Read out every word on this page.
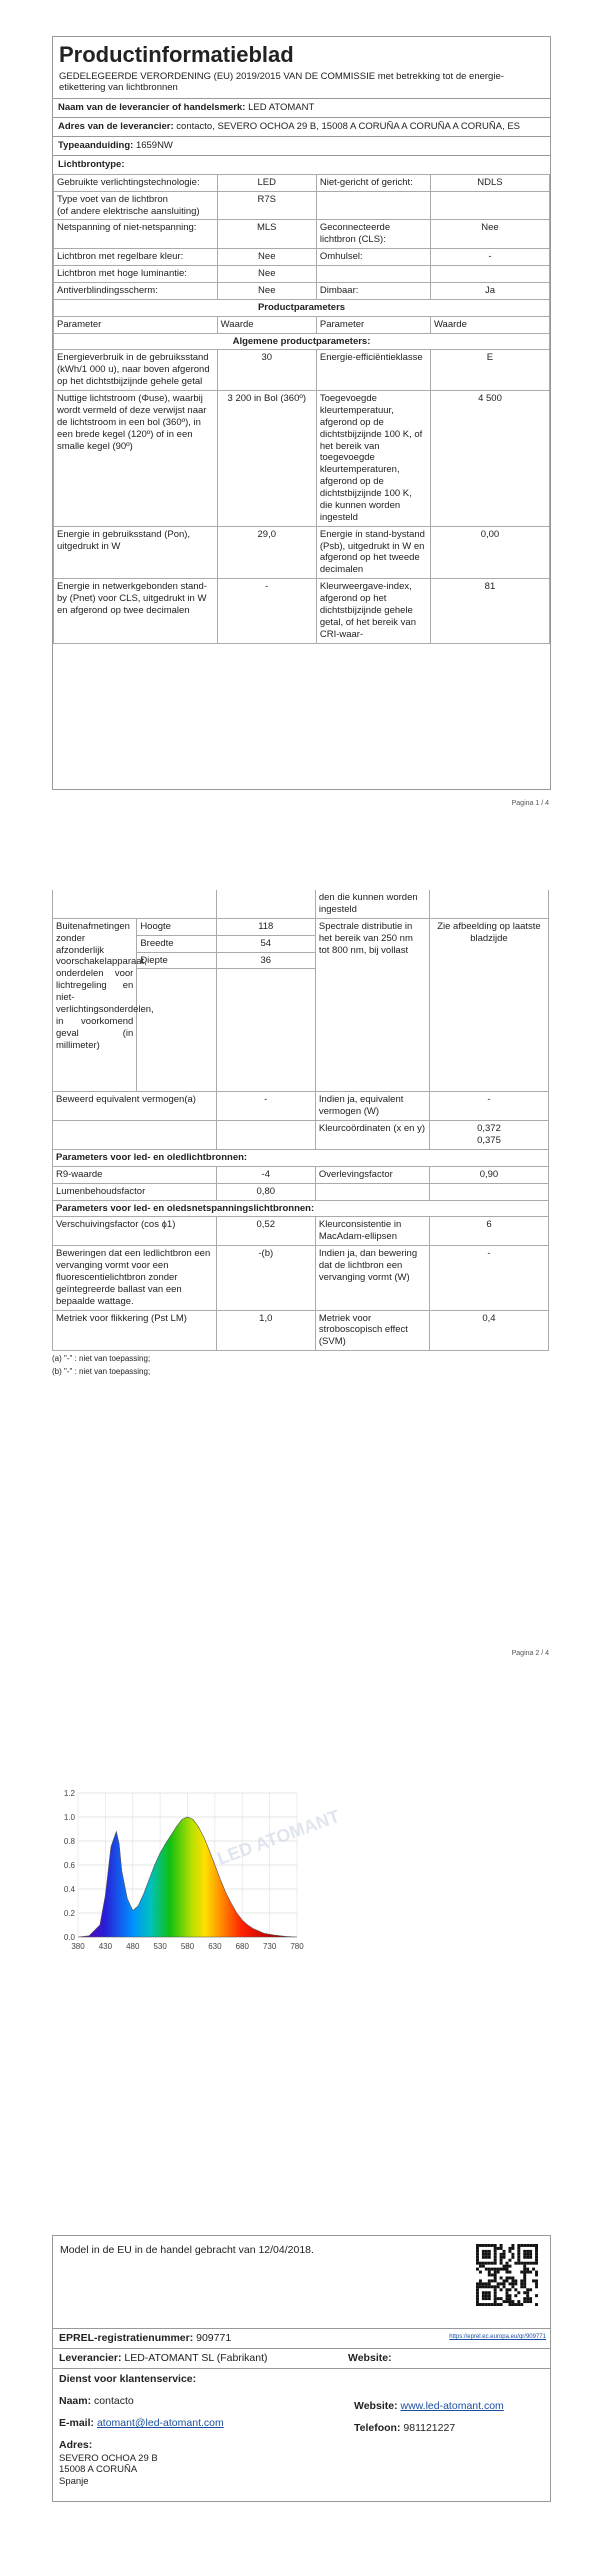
Productinformatieblad
GEDELEGEERDE VERORDENING (EU) 2019/2015 VAN DE COMMISSIE met betrekking tot de energie-etikettering van lichtbronnen
Naam van de leverancier of handelsmerk: LED ATOMANT
Adres van de leverancier: contacto, SEVERO OCHOA 29 B, 15008 A CORUÑA A CORUÑA A CORUÑA, ES
Typeaanduiding: 1659NW
Lichtbrontype:
Gebruikte verlichtingstechnologie:	LED	Niet-gericht of gericht:	NDLS
Type voet van de lichtbron
(of andere elektrische aansluiting)	R7S		
Netspanning of niet-netspanning:	MLS	Geconnecteerde lichtbron (CLS):	Nee
Lichtbron met regelbare kleur:	Nee	Omhulsel:	-
Lichtbron met hoge luminantie:	Nee		
Antiverblindingsscherm:	Nee	Dimbaar:	Ja
Productparameters			
Parameter	Waarde	Parameter	Waarde
Algemene productparameters:			
Energieverbruik in de gebruiksstand (kWh/1 000 u), naar boven afgerond op het dichtstbijzijnde gehele getal	30	Energie-efficiëntieklasse	E
Nuttige lichtstroom (Φuse), waarbij wordt vermeld of deze verwijst naar de lichtstroom in een bol (360º), in een brede kegel (120º) of in een smalle kegel (90º)	3 200 in Bol (360º)	Toegevoegde kleurtemperatuur, afgerond op de dichtstbijzijnde 100 K, of het bereik van toegevoegde kleurtemperaturen, afgerond op de dichtstbijzijnde 100 K, die kunnen worden ingesteld	4 500
Energie in gebruiksstand (Pon), uitgedrukt in W	29,0	Energie in stand-bystand (Psb), uitgedrukt in W en afgerond op het tweede decimalen	0,00
Energie in netwerkgebonden stand-by (Pnet) voor CLS, uitgedrukt in W en afgerond op twee decimalen	-	Kleurweergave-index, afgerond op het dichtstbijzijnde gehele getal, of het bereik van CRI-waar-	81
Pagina 1 / 4
			den die kunnen worden ingesteld	
Buitenafmetingen zonder afzonderlijk voorschakelapparaat, onderdelen voor lichtregeling en niet-verlichtingsonderdelen, in voorkomend geval (in millimeter)	Hoogte	118	Spectrale distributie in het bereik van 250 nm tot 800 nm, bij vollast	Zie afbeelding op laatste bladzijde
	Breedte	54		
	Diepte	36		

Beweerd equivalent vermogen(a)		-	Indien ja, equivalent vermogen (W)	-
			Kleurcoördinaten (x en y)	0,372
0,375
Parameters voor led- en oledlichtbronnen:				
R9-waarde		-4	Overlevingsfactor	0,90
Lumenbehoudsfactor		0,80		
Parameters voor led- en oledsnetspanningslichtbronnen:				
Verschuivingsfactor (cos ϕ1)		0,52	Kleurconsistentie in MacAdam-ellipsen	6
Beweringen dat een ledlichtbron een vervanging vormt voor een fluorescentielichtbron zonder geïntegreerde ballast van een bepaalde wattage.		-(b)	Indien ja, dan bewering dat de lichtbron een vervanging vormt (W)	-
Metriek voor flikkering (Pst LM)		1,0	Metriek voor stroboscopisch effect (SVM)	0,4
(a) "-" : niet van toepassing;
(b) "-" : niet van toepassing;
Pagina 2 / 4
LED ATOMANT
0.0
0.2
0.4
0.6
0.8
1.0
1.2
380 430 480 530 580 630 680 730 780
Model in de EU in de handel gebracht van 12/04/2018.
https://eprel.ec.europa.eu/qr/909771
EPREL-registratienummer: 909771
Leverancier: LED-ATOMANT SL (Fabrikant)	Website:
Dienst voor klantenservice:
Naam: contacto	Website: www.led-atomant.com
E-mail: atomant@led-atomant.com	Telefoon: 981121227
Adres:
SEVERO OCHOA 29 B
15008 A CORUÑA
Spanje
